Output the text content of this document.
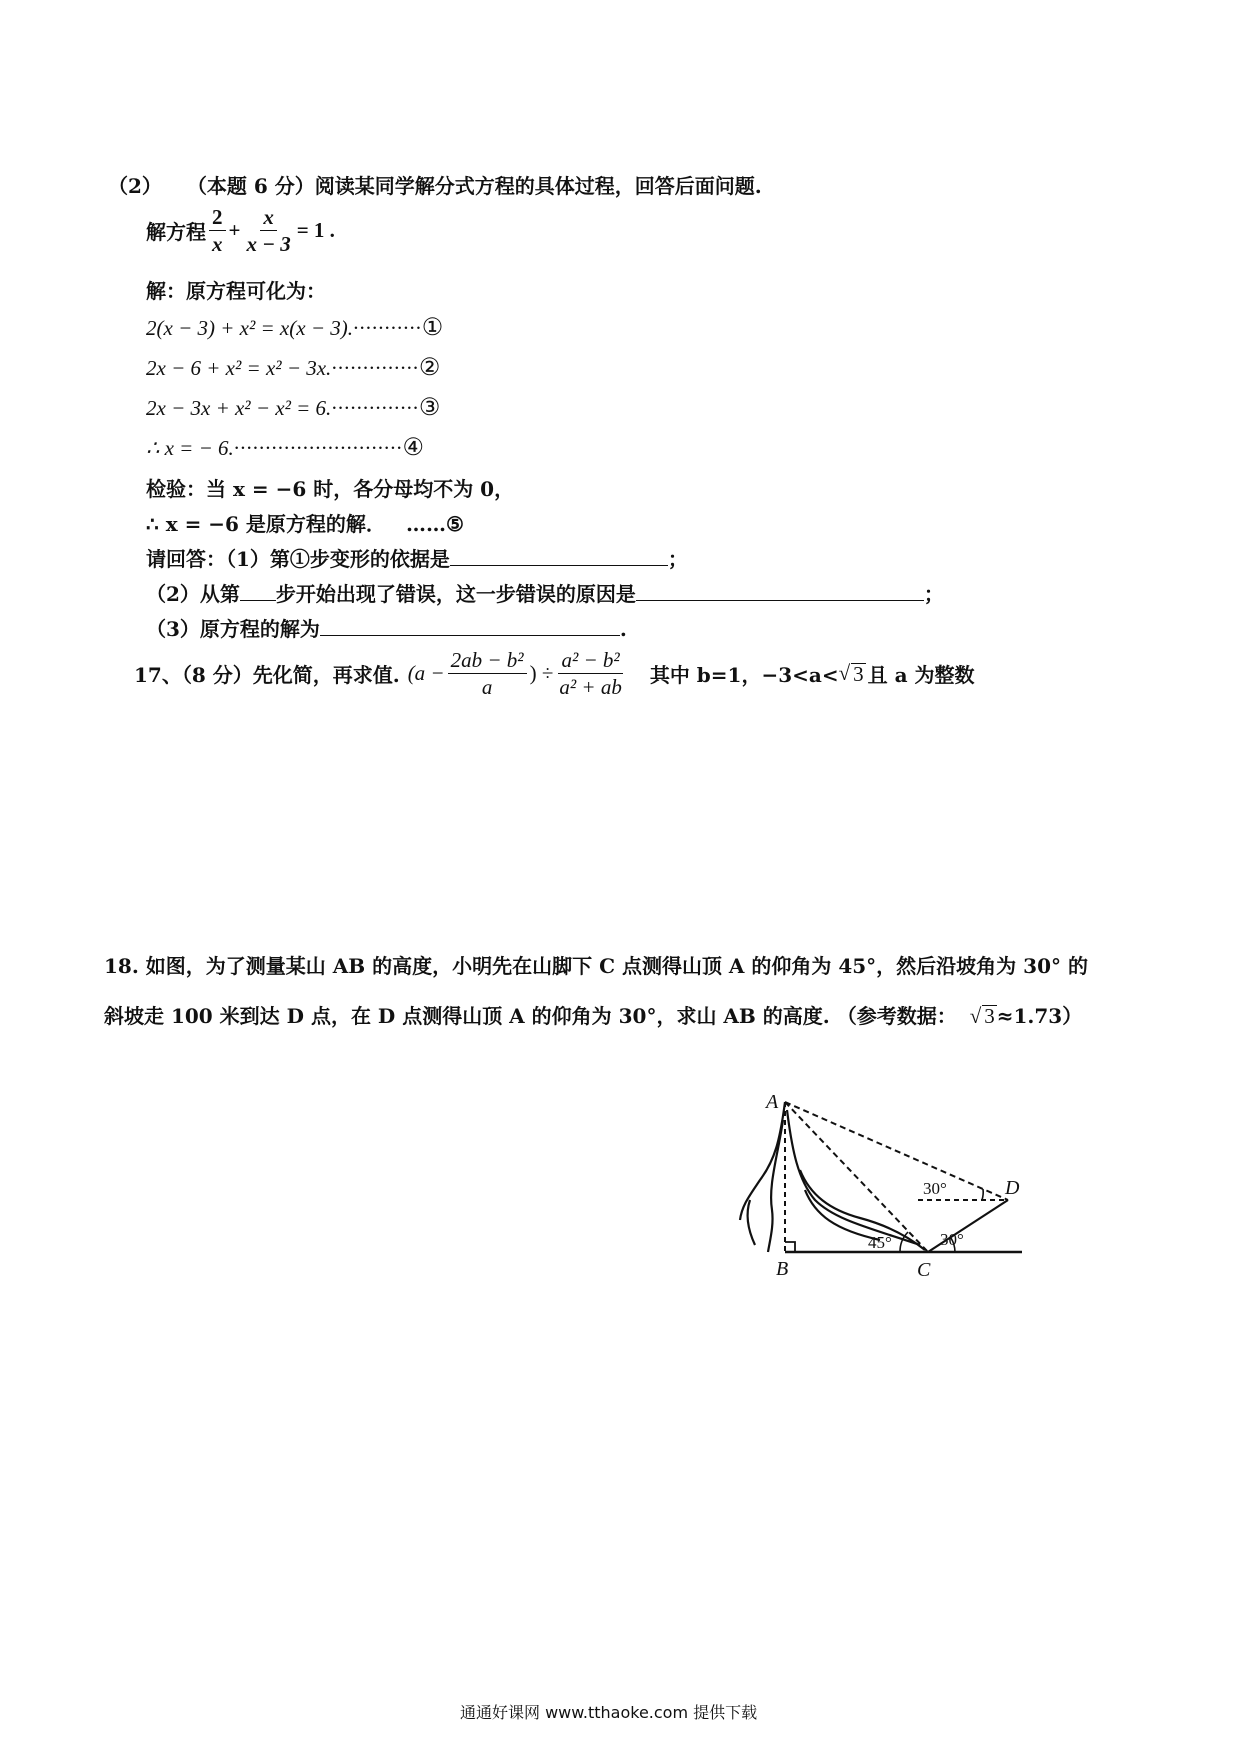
（2） （本题 6 分）阅读某同学解分式方程的具体过程，回答后面问题.
解方程 $\frac{2}{x} + \frac{x}{x - 3} = 1$ .
解：原方程可化为：
2(x − 3) + x² = x(x − 3).···········①
2x − 6 + x² = x² − 3x.··············②
2x − 3x + x² − x² = 6.··············③
∴ x = − 6.···························④
检验：当 x = −6 时，各分母均不为 0，
∴ x = −6 是原方程的解． ……⑤
请回答：（1）第①步变形的依据是	；
（2）从第 步开始出现了错误，这一步错误的原因是	；
（3）原方程的解为	.
17、（8 分）先化简，再求值. ($a - \frac{\text{2ab − b²}}{a}$ ) ÷ $\frac{\text{a² − b²}}{\text{a² + ab}}$ 其中 b=1，−3<a< √ 3 且 a 为整数
18. 如图，为了测量某山 AB 的高度，小明先在山脚下 C 点测得山顶 A 的仰角为 45°，然后沿坡角为 30° 的
斜坡走 100 米到达 D 点，在 D 点测得山顶 A 的仰角为 30°，求山 AB 的高度. （参考数据： √ 3 ≈1.73）
A
B	C
D
45°	30°
30°
通通好课网 www.tthaoke.com 提供下载
